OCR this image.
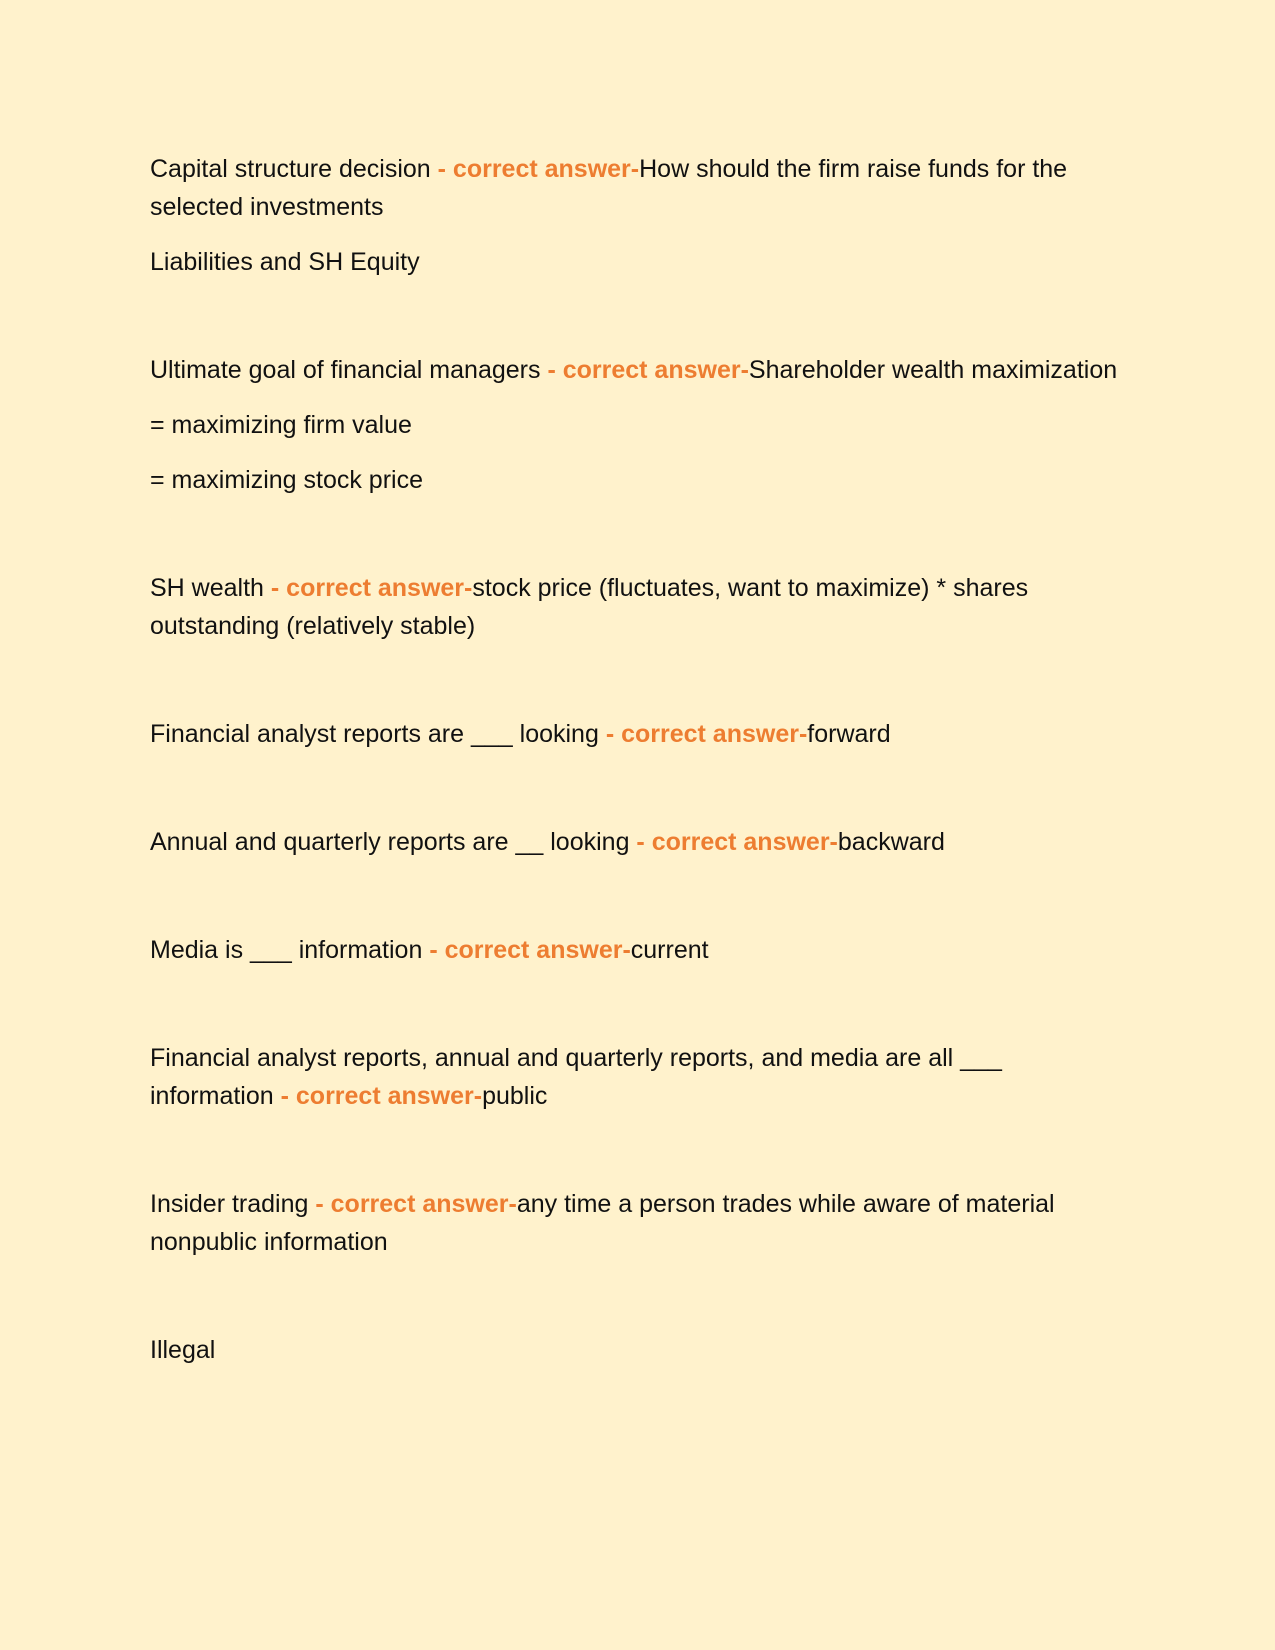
Capital structure decision - correct answer-How should the firm raise funds for the selected investments

Liabilities and SH Equity

Ultimate goal of financial managers - correct answer-Shareholder wealth maximization

= maximizing firm value

= maximizing stock price

SH wealth - correct answer-stock price (fluctuates, want to maximize) * shares outstanding (relatively stable)

Financial analyst reports are ___ looking - correct answer-forward

Annual and quarterly reports are __ looking - correct answer-backward

Media is ___ information - correct answer-current

Financial analyst reports, annual and quarterly reports, and media are all ___ information - correct answer-public

Insider trading - correct answer-any time a person trades while aware of material nonpublic information

Illegal
